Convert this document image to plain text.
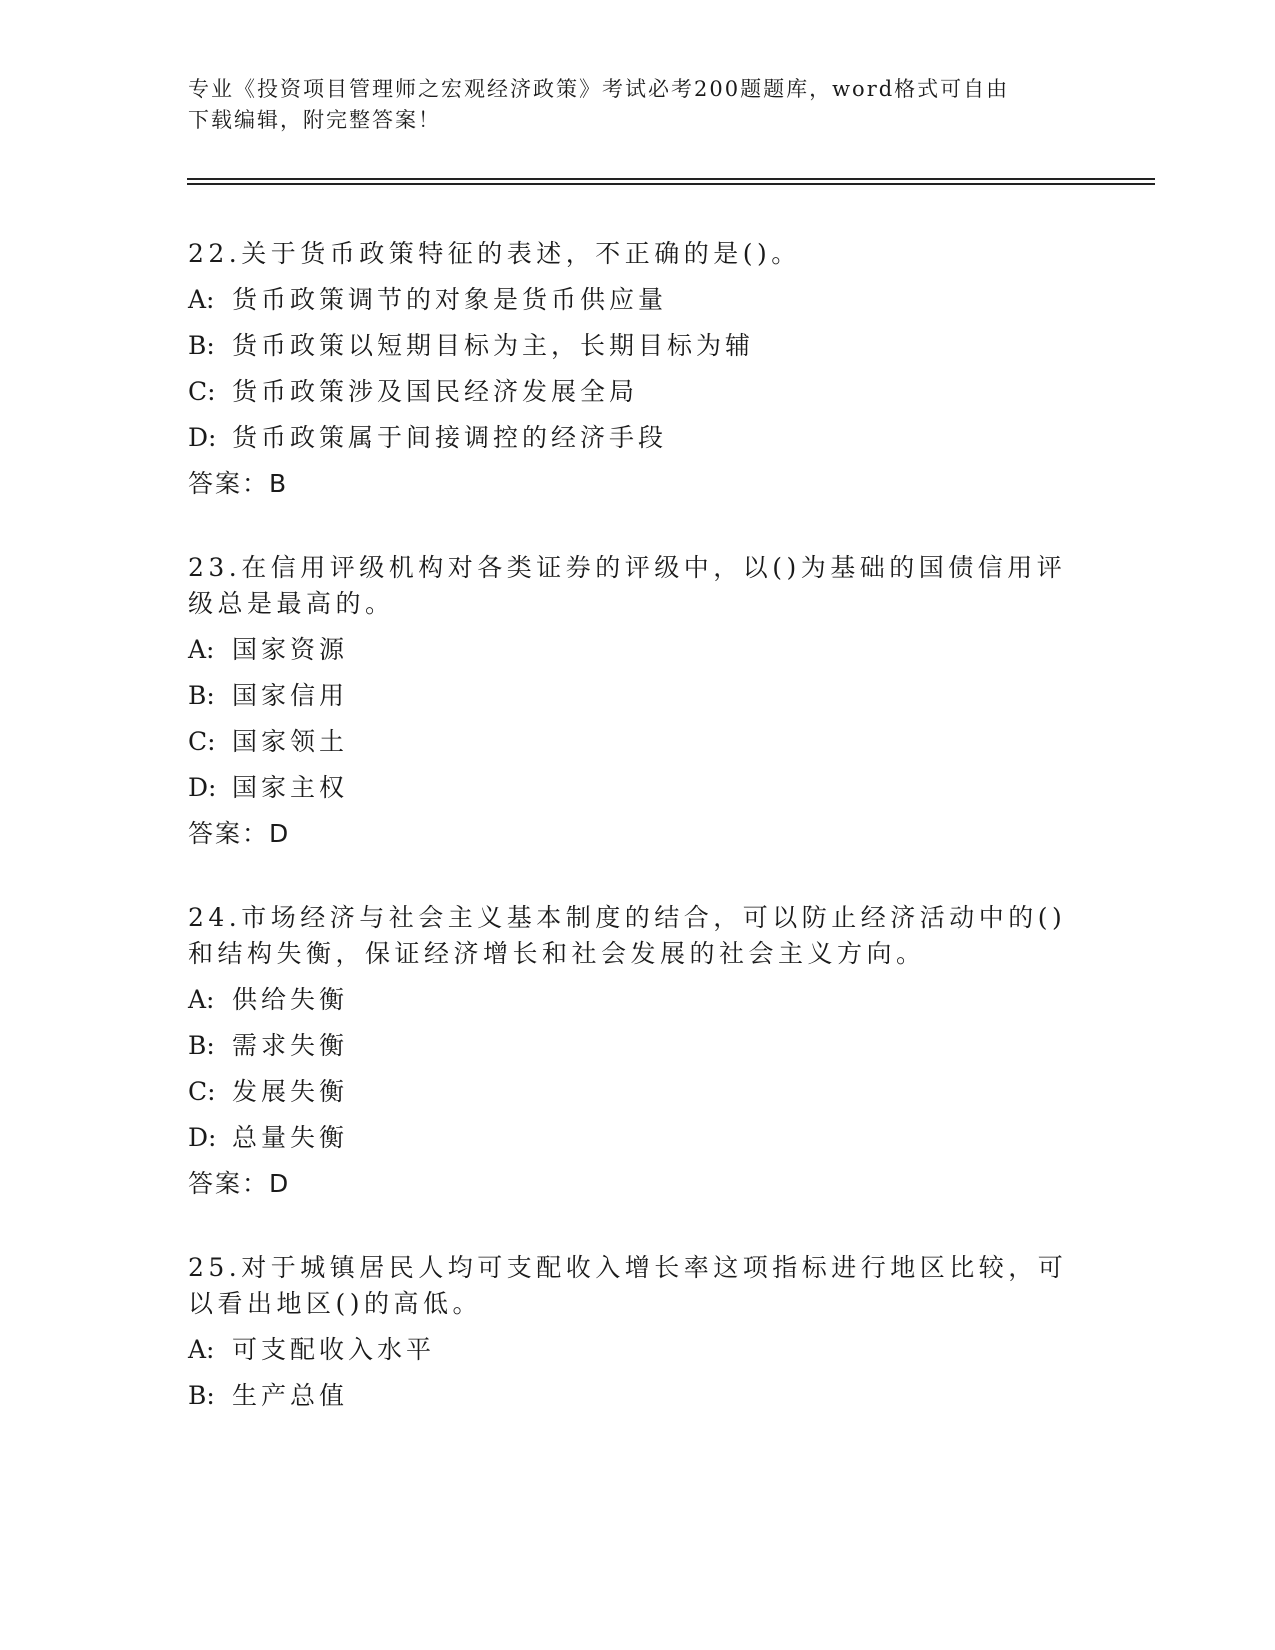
专业《投资项目管理师之宏观经济政策》考试必考200题题库，word格式可自由
下载编辑，附完整答案！

22.关于货币政策特征的表述，不正确的是()。

A: 货币政策调节的对象是货币供应量

B: 货币政策以短期目标为主，长期目标为辅

C: 货币政策涉及国民经济发展全局

D: 货币政策属于间接调控的经济手段

答案：B

23.在信用评级机构对各类证券的评级中，以()为基础的国债信用评级总是最高的。

A: 国家资源

B: 国家信用

C: 国家领土

D: 国家主权

答案：D

24.市场经济与社会主义基本制度的结合，可以防止经济活动中的()和结构失衡，保证经济增长和社会发展的社会主义方向。

A: 供给失衡

B: 需求失衡

C: 发展失衡

D: 总量失衡

答案：D

25.对于城镇居民人均可支配收入增长率这项指标进行地区比较，可以看出地区()的高低。

A: 可支配收入水平

B: 生产总值
